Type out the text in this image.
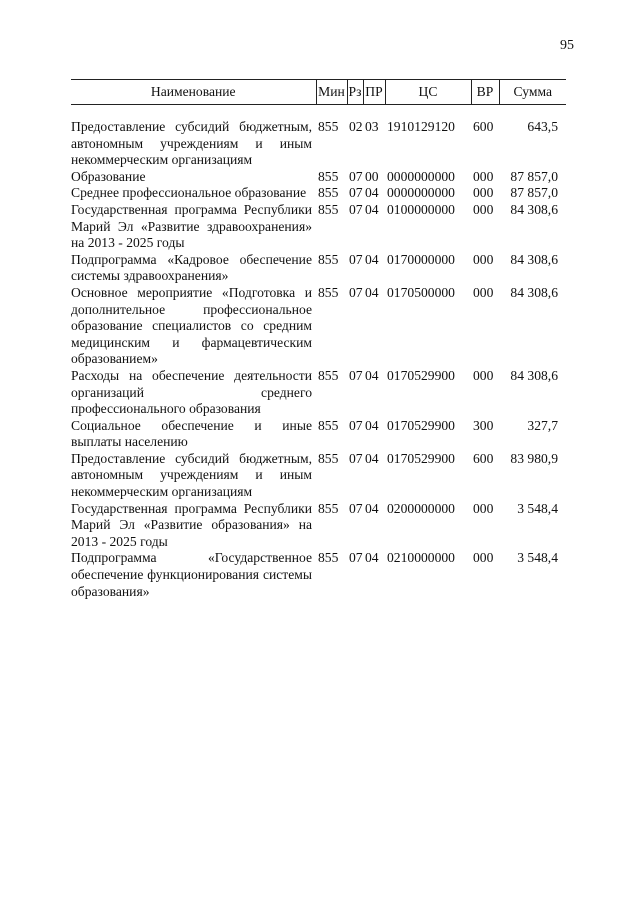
95
Наименование	Мин	Рз	ПР	ЦС	ВР	Сумма

Предоставление субсидий бюджетным, автономным учреждениям и иным некоммерческим организациям	855	02	03	1910129120	600	643,5
Образование	855	07	00	0000000000	000	87 857,0
Среднее профессиональное образование	855	07	04	0000000000	000	87 857,0
Государственная программа Республики Марий Эл «Развитие здравоохранения» на 2013 - 2025 годы	855	07	04	0100000000	000	84 308,6
Подпрограмма «Кадровое обеспечение системы здравоохранения»	855	07	04	0170000000	000	84 308,6
Основное мероприятие «Подготовка и дополнительное профессиональное образование специалистов со средним медицинским и фармацевтическим образованием»	855	07	04	0170500000	000	84 308,6
Расходы на обеспечение деятельности организаций среднего профессионального образования	855	07	04	0170529900	000	84 308,6
Социальное обеспечение и иные выплаты населению	855	07	04	0170529900	300	327,7
Предоставление субсидий бюджетным, автономным учреждениям и иным некоммерческим организациям	855	07	04	0170529900	600	83 980,9
Государственная программа Республики Марий Эл «Развитие образования» на 2013 - 2025 годы	855	07	04	0200000000	000	3 548,4
Подпрограмма «Государственное обеспечение функционирования системы образования»	855	07	04	0210000000	000	3 548,4
